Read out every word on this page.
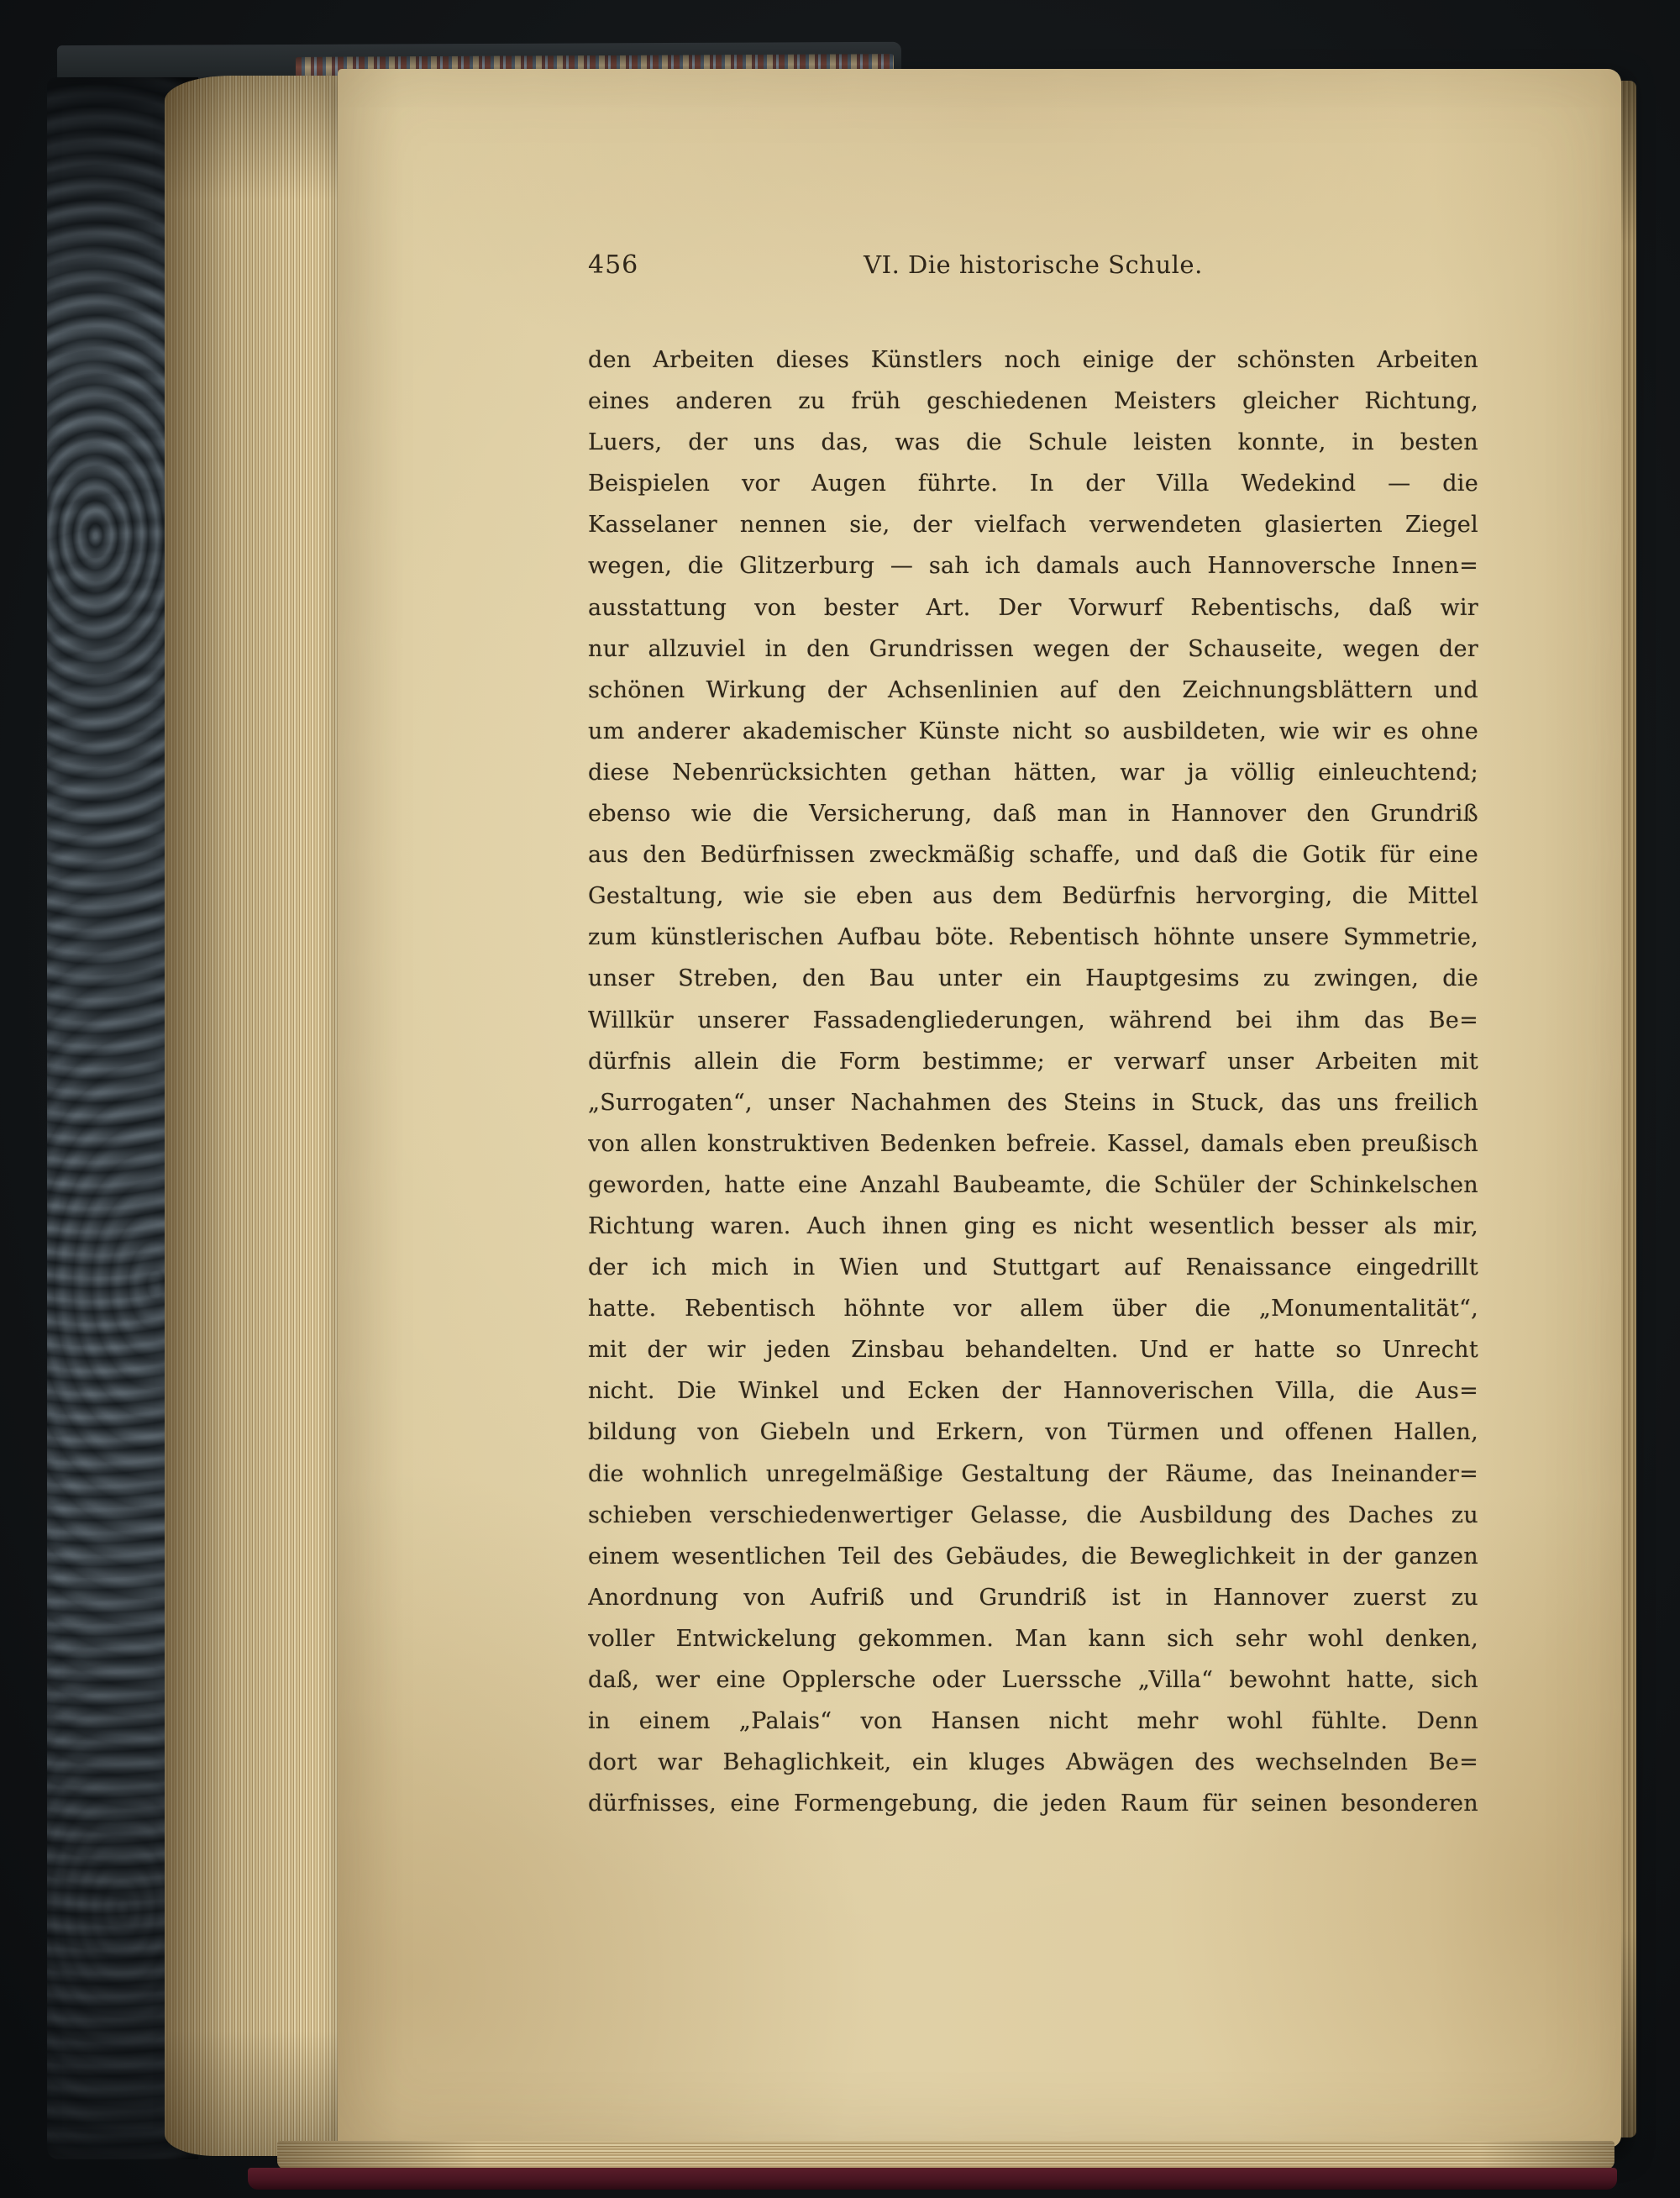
456	VI. Die historische Schule.
den Arbeiten dieses Künstlers noch einige der schönsten Arbeiten
eines anderen zu früh geschiedenen Meisters gleicher Richtung,
Luers, der uns das, was die Schule leisten konnte, in besten
Beispielen vor Augen führte. In der Villa Wedekind — die
Kasselaner nennen sie, der vielfach verwendeten glasierten Ziegel
wegen, die Glitzerburg — sah ich damals auch Hannoversche Innen=
ausstattung von bester Art. Der Vorwurf Rebentischs, daß wir
nur allzuviel in den Grundrissen wegen der Schauseite, wegen der
schönen Wirkung der Achsenlinien auf den Zeichnungsblättern und
um anderer akademischer Künste nicht so ausbildeten, wie wir es ohne
diese Nebenrücksichten gethan hätten, war ja völlig einleuchtend;
ebenso wie die Versicherung, daß man in Hannover den Grundriß
aus den Bedürfnissen zweckmäßig schaffe, und daß die Gotik für eine
Gestaltung, wie sie eben aus dem Bedürfnis hervorging, die Mittel
zum künstlerischen Aufbau böte. Rebentisch höhnte unsere Symmetrie,
unser Streben, den Bau unter ein Hauptgesims zu zwingen, die
Willkür unserer Fassadengliederungen, während bei ihm das Be=
dürfnis allein die Form bestimme; er verwarf unser Arbeiten mit
„Surrogaten“, unser Nachahmen des Steins in Stuck, das uns freilich
von allen konstruktiven Bedenken befreie. Kassel, damals eben preußisch
geworden, hatte eine Anzahl Baubeamte, die Schüler der Schinkelschen
Richtung waren. Auch ihnen ging es nicht wesentlich besser als mir,
der ich mich in Wien und Stuttgart auf Renaissance eingedrillt
hatte. Rebentisch höhnte vor allem über die „Monumentalität“,
mit der wir jeden Zinsbau behandelten. Und er hatte so Unrecht
nicht. Die Winkel und Ecken der Hannoverischen Villa, die Aus=
bildung von Giebeln und Erkern, von Türmen und offenen Hallen,
die wohnlich unregelmäßige Gestaltung der Räume, das Ineinander=
schieben verschiedenwertiger Gelasse, die Ausbildung des Daches zu
einem wesentlichen Teil des Gebäudes, die Beweglichkeit in der ganzen
Anordnung von Aufriß und Grundriß ist in Hannover zuerst zu
voller Entwickelung gekommen. Man kann sich sehr wohl denken,
daß, wer eine Opplersche oder Luerssche „Villa“ bewohnt hatte, sich
in einem „Palais“ von Hansen nicht mehr wohl fühlte. Denn
dort war Behaglichkeit, ein kluges Abwägen des wechselnden Be=
dürfnisses, eine Formengebung, die jeden Raum für seinen besonderen
